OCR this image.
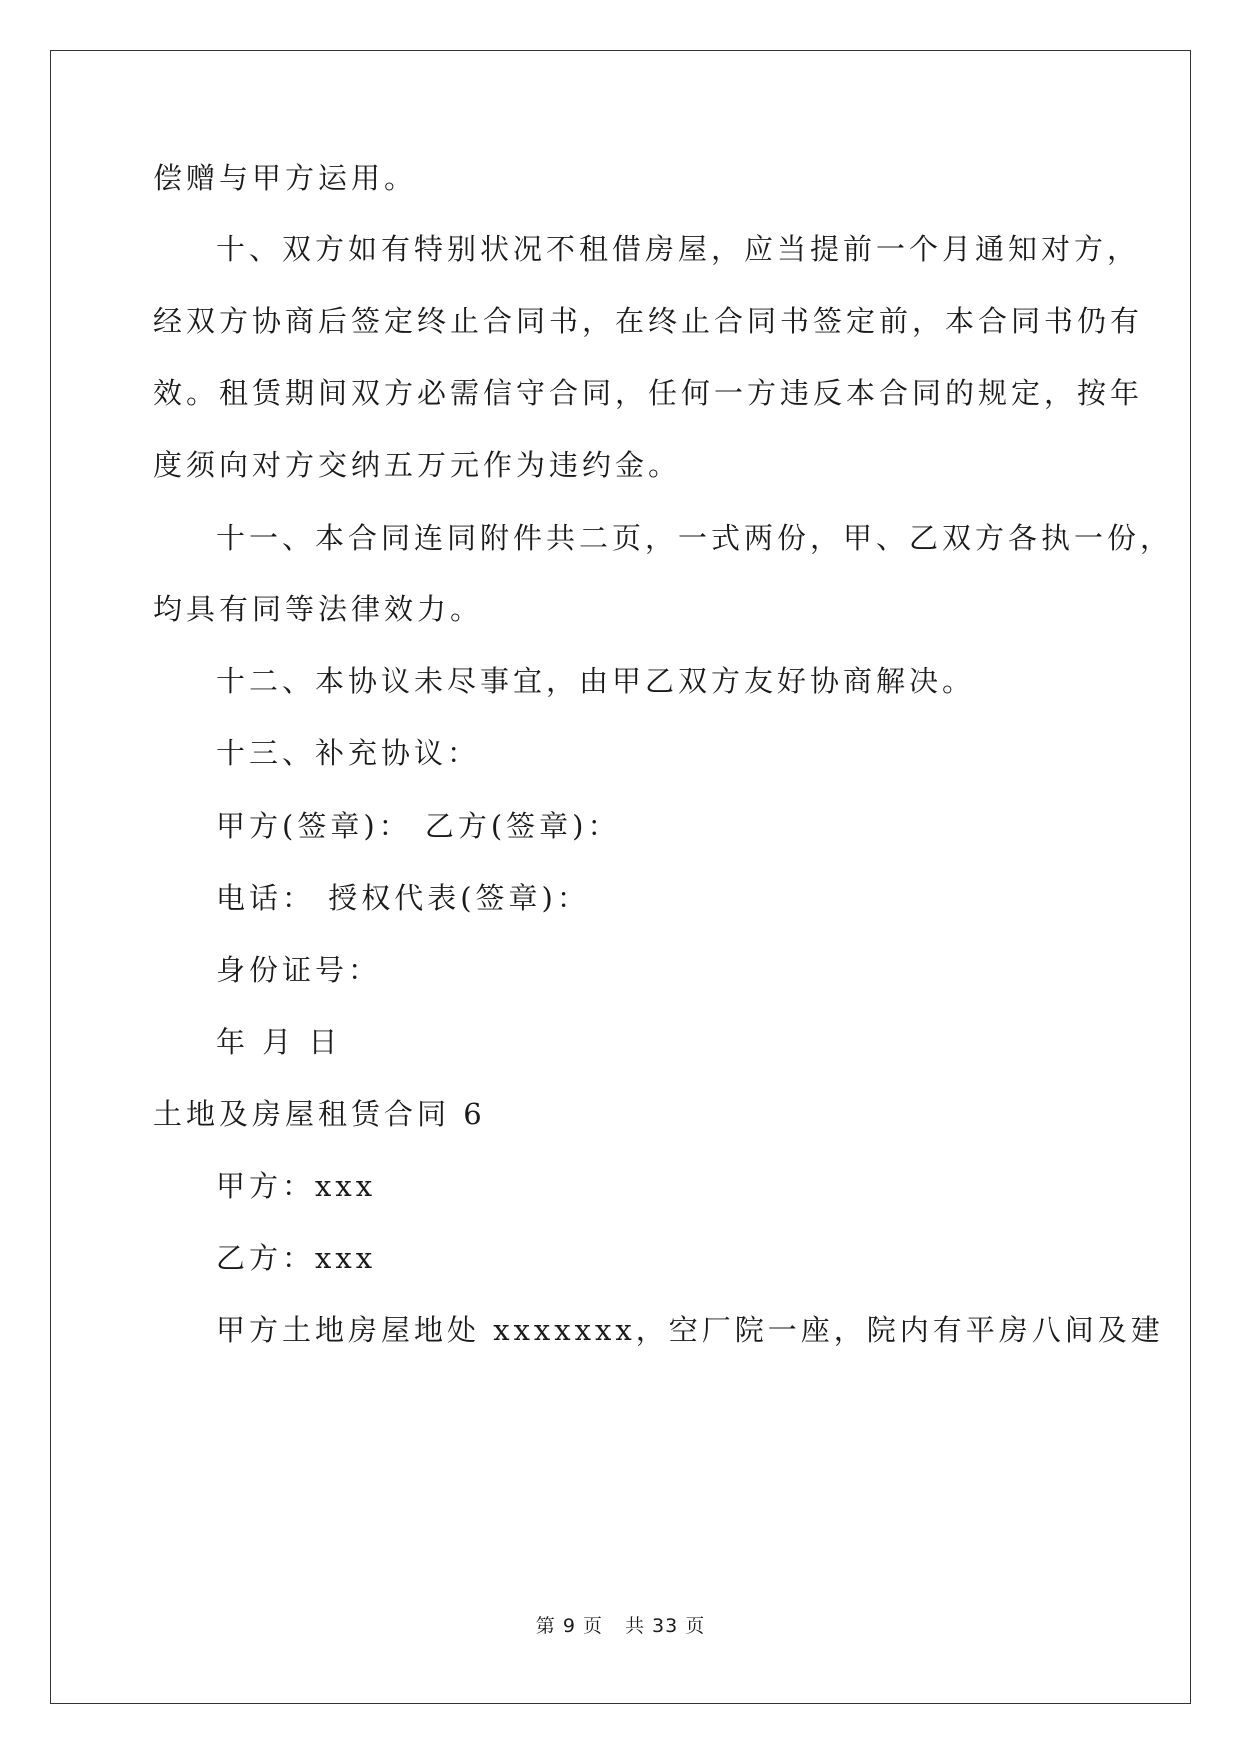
偿赠与甲方运用。
十、双方如有特别状况不租借房屋，应当提前一个月通知对方，
经双方协商后签定终止合同书，在终止合同书签定前，本合同书仍有
效。租赁期间双方必需信守合同，任何一方违反本合同的规定，按年
度须向对方交纳五万元作为违约金。
十一、本合同连同附件共二页，一式两份，甲、乙双方各执一份，
均具有同等法律效力。
十二、本协议未尽事宜，由甲乙双方友好协商解决。
十三、补充协议：
甲方(签章)： 乙方(签章)：
电话： 授权代表(签章)：
身份证号：
年 月 日
土地及房屋租赁合同 6
甲方：xxx
乙方：xxx
甲方土地房屋地处 xxxxxxx，空厂院一座，院内有平房八间及建
第 9 页 共 33 页
